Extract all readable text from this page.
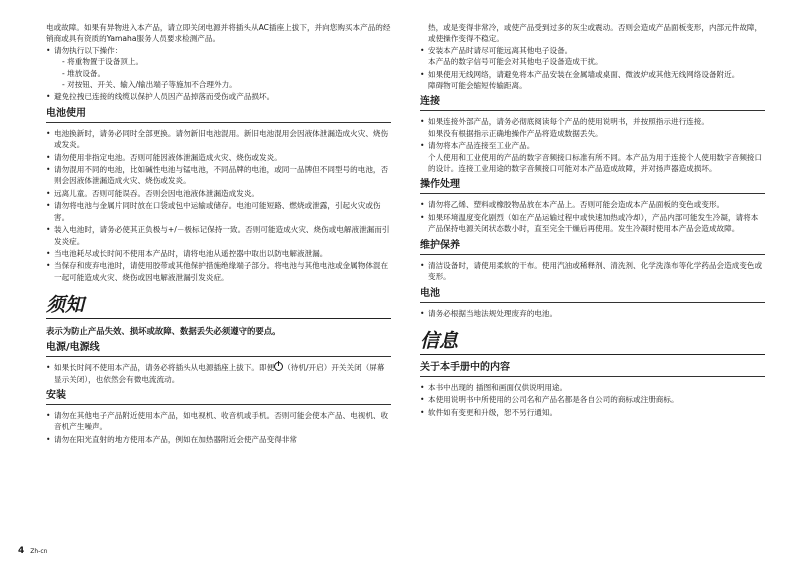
电或故障。如果有异物进入本产品，请立即关闭电源并将插头从AC插座上拔下，并向您购买本产品的经销商或具有资质的Yamaha服务人员要求检测产品。

• 请勿执行以下操作：
- 将重物置于设备顶上。
- 堆放设备。
- 对按钮、开关、输入/输出端子等施加不合理外力。
• 避免拉拽已连接的线缆以保护人员因产品掉落而受伤或产品损坏。
电池使用
• 电池换新时，请务必同时全部更换。请勿新旧电池混用。新旧电池混用会因液体泄漏造成火灾、烧伤或发炎。
• 请勿使用非指定电池。否则可能因液体泄漏造成火灾、烧伤或发炎。
• 请勿混用不同的电池，比如碱性电池与锰电池，不同品牌的电池，或同一品牌但不同型号的电池，否则会因液体泄漏造成火灾、烧伤或发炎。
• 远离儿童。否则可能误吞。否则会因电池液体泄漏造成发炎。
• 请勿将电池与金属片同时放在口袋或包中运输或储存。电池可能短路、燃烧或泄露，引起火灾或伤害。
• 装入电池时，请务必使其正负极与+/－极标记保持一致。否则可能造成火灾、烧伤或电解液泄漏而引发炎症。
• 当电池耗尽或长时间不使用本产品时，请将电池从遥控器中取出以防电解液泄漏。
• 当保存和废弃电池时，请使用胶带或其他保护措施绝缘端子部分。将电池与其他电池或金属物体混在一起可能造成火灾、烧伤或因电解液泄漏引发炎症。
须知

表示为防止产品失效、损坏或故障、数据丢失必须遵守的要点。

电源/电源线
• 如果长时间不使用本产品，请务必将插头从电源插座上拔下。即便 （待机/开启）开关关闭（屏幕显示关闭），也依然会有微电流流动。
安装
• 请勿在其他电子产品附近使用本产品，如电视机、收音机或手机。否则可能会使本产品、电视机、收音机产生噪声。
• 请勿在阳光直射的地方使用本产品，例如在加热器附近会使产品变得非常

热，或是变得非常冷，或使产品受到过多的灰尘或震动。否则会造成产品面板变形，内部元件故障，或使操作变得不稳定。

• 安装本产品时请尽可能远离其他电子设备。
本产品的数字信号可能会对其他电子设备造成干扰。
• 如果使用无线网络，请避免将本产品安装在金属墙或桌面、微波炉或其他无线网络设备附近。
障碍物可能会缩短传输距离。
连接
• 如果连接外部产品，请务必彻底阅读每个产品的使用说明书，并按照指示进行连接。
如果没有根据指示正确地操作产品将造成数据丢失。
• 请勿将本产品连接至工业产品。
个人使用和工业使用的产品的数字音频接口标准有所不同。本产品为用于连接个人使用数字音频接口的设计。连接工业用途的数字音频接口可能对本产品造成故障，并对扬声器造成损坏。
操作处理
• 请勿将乙烯、塑料或橡胶物品放在本产品上。否则可能会造成本产品面板的变色或变形。
• 如果环境温度变化剧烈（如在产品运输过程中或快速加热或冷却），产品内部可能发生冷凝，请将本产品保持电源关闭状态数小时，直至完全干燥后再使用。发生冷凝时使用本产品会造成故障。
维护保养
• 清洁设备时，请使用柔软的干布。使用汽油或稀释剂、清洗剂、化学洗涤布等化学药品会造成变色或变形。
电池
• 请务必根据当地法规处理废弃的电池。
信息
关于本手册中的内容
• 本书中出现的 插图和画面仅供说明用途。
• 本使用说明书中所使用的公司名和产品名都是各自公司的商标或注册商标。
• 软件如有变更和升级，恕不另行通知。
4 Zh-cn
